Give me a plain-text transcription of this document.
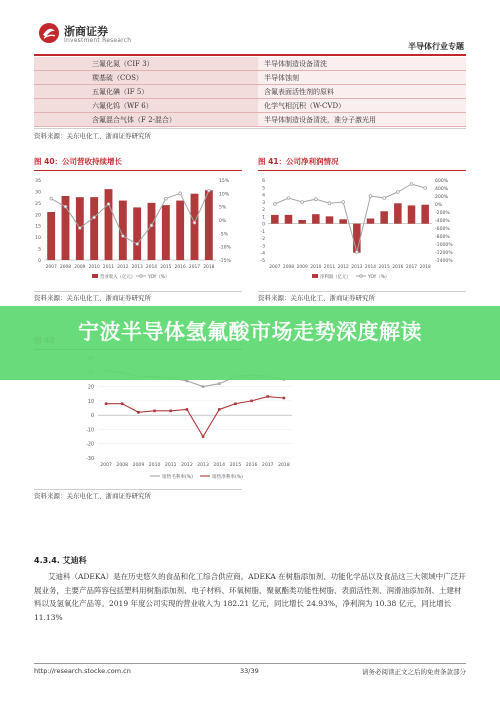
浙商证券
Investment Research
半导体行业专题
三氟化氮（CIF 3）	半导体制造设备清洗
羰基硫（COS）	半导体蚀刻
五氟化碘（IF 5）	含氟表面活性剂的原料
六氟化钨（WF 6）	化学气相沉积（W-CVD）
含氟混合气体（F 2-混合）	半导体制造设备清洗，准分子激光用
资料来源：关东电化工、浙商证券研究所
图 40：公司营收持续增长
0
5
10
15
20
25
30
35
-15%
-10%
-5%
0%
5%
10%
15%
2007 2008 2009 2010 2011 2012 2013 2014 2015 2016 2017 2018
营业收入（亿元）	YOY（%）
资料来源：关东电化工、浙商证券研究所
图 41：公司净利润情况
-5
-4
-3
-2
-1
0
1
2
3
4
5
6
-1400%
-1200%
-1000%
-800%
-600%
-400%
-200%
0%
200%
400%
600%
2007 2008 2009 2010 2011 2012 2013 2014 2015 2016 2017 2018
净利润（亿元）	YOY（%）
资料来源：关东电化工、浙商证券研究所
-30
-20
-10
0
10
20
2007 2008 2009 2010 2011 2012 2013 2014 2015 2016 2017 2018
销售毛利率(%)	销售净利率(%)
资料来源：关东电化工、浙商证券研究所
宁波半导体氢氟酸市场走势深度解读
4.3.4. 艾迪科
艾迪科（ADEKA）是在历史悠久的食品和化工综合供应商。ADEKA 在树脂添加剂、功能化学品以及食品这三大领域中广泛开展业务，主要产品阵容包括塑料用树脂添加剂、电子材料、环氧树脂、聚氨酯类功能性树脂、表面活性剂、润滑油添加剂、土建材料以及氢氧化产品等。2019 年度公司实现的营业收入为 182.21 亿元，同比增长 24.93%，净利润为 10.38 亿元，同比增长 11.13%
http://research.stocke.com.cn	33/39	请务必阅读正文之后的免责条款部分
